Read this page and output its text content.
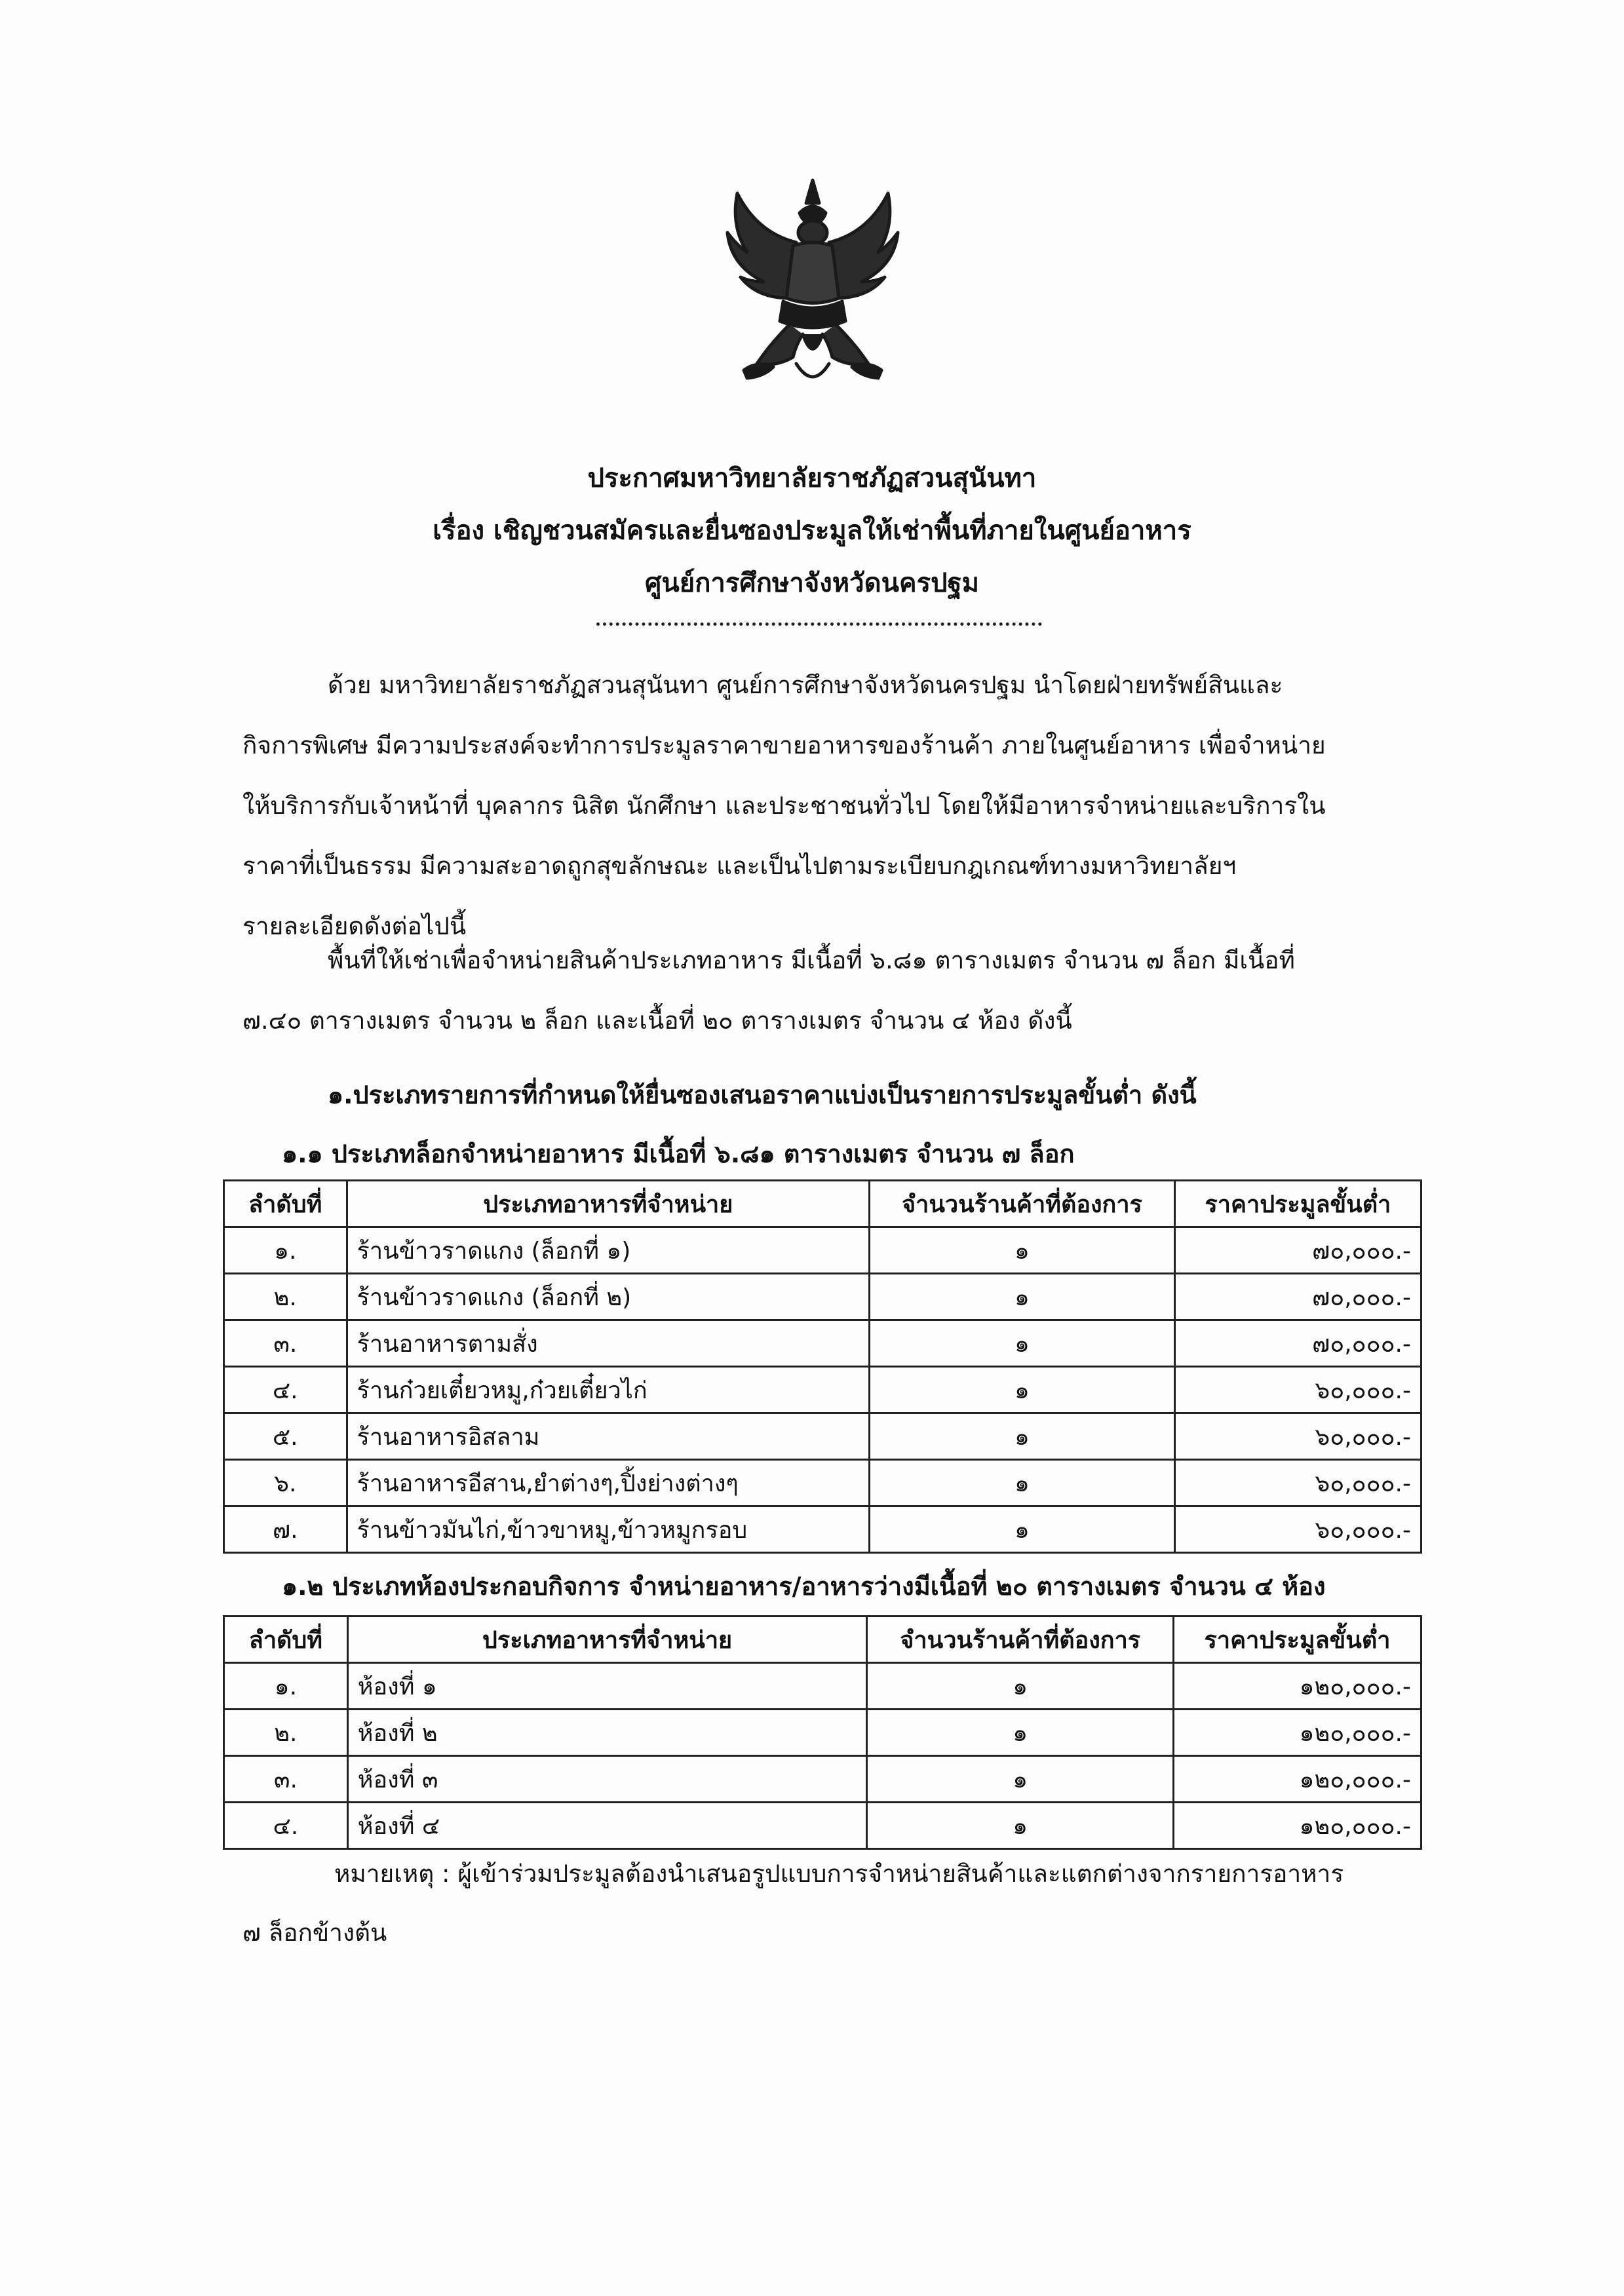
ประกาศมหาวิทยาลัยราชภัฏสวนสุนันทา
เรื่อง เชิญชวนสมัครและยื่นซองประมูลให้เช่าพื้นที่ภายในศูนย์อาหาร
ศูนย์การศึกษาจังหวัดนครปฐม
ด้วย มหาวิทยาลัยราชภัฏสวนสุนันทา ศูนย์การศึกษาจังหวัดนครปฐม นำโดยฝ่ายทรัพย์สินและ
กิจการพิเศษ มีความประสงค์จะทำการประมูลราคาขายอาหารของร้านค้า ภายในศูนย์อาหาร เพื่อจำหน่าย
ให้บริการกับเจ้าหน้าที่ บุคลากร นิสิต นักศึกษา และประชาชนทั่วไป โดยให้มีอาหารจำหน่ายและบริการใน
ราคาที่เป็นธรรม มีความสะอาดถูกสุขลักษณะ และเป็นไปตามระเบียบกฎเกณฑ์ทางมหาวิทยาลัยฯ
รายละเอียดดังต่อไปนี้
พื้นที่ให้เช่าเพื่อจำหน่ายสินค้าประเภทอาหาร มีเนื้อที่ ๖.๘๑ ตารางเมตร จำนวน ๗ ล็อก มีเนื้อที่
๗.๔๐ ตารางเมตร จำนวน ๒ ล็อก และเนื้อที่ ๒๐ ตารางเมตร จำนวน ๔ ห้อง ดังนี้
๑.ประเภทรายการที่กำหนดให้ยื่นซองเสนอราคาแบ่งเป็นรายการประมูลขั้นต่ำ ดังนี้
๑.๑ ประเภทล็อกจำหน่ายอาหาร มีเนื้อที่ ๖.๘๑ ตารางเมตร จำนวน ๗ ล็อก
ลำดับที่	ประเภทอาหารที่จำหน่าย	จำนวนร้านค้าที่ต้องการ	ราคาประมูลขั้นต่ำ
๑.	ร้านข้าวราดแกง (ล็อกที่ ๑)	๑	๗๐,๐๐๐.-
๒.	ร้านข้าวราดแกง (ล็อกที่ ๒)	๑	๗๐,๐๐๐.-
๓.	ร้านอาหารตามสั่ง	๑	๗๐,๐๐๐.-
๔.	ร้านก๋วยเตี๋ยวหมู,ก๋วยเตี๋ยวไก่	๑	๖๐,๐๐๐.-
๕.	ร้านอาหารอิสลาม	๑	๖๐,๐๐๐.-
๖.	ร้านอาหารอีสาน,ยำต่างๆ,ปิ้งย่างต่างๆ	๑	๖๐,๐๐๐.-
๗.	ร้านข้าวมันไก่,ข้าวขาหมู,ข้าวหมูกรอบ	๑	๖๐,๐๐๐.-
๑.๒ ประเภทห้องประกอบกิจการ จำหน่ายอาหาร/อาหารว่างมีเนื้อที่ ๒๐ ตารางเมตร จำนวน ๔ ห้อง
ลำดับที่	ประเภทอาหารที่จำหน่าย	จำนวนร้านค้าที่ต้องการ	ราคาประมูลขั้นต่ำ
๑.	ห้องที่ ๑	๑	๑๒๐,๐๐๐.-
๒.	ห้องที่ ๒	๑	๑๒๐,๐๐๐.-
๓.	ห้องที่ ๓	๑	๑๒๐,๐๐๐.-
๔.	ห้องที่ ๔	๑	๑๒๐,๐๐๐.-
หมายเหตุ : ผู้เข้าร่วมประมูลต้องนำเสนอรูปแบบการจำหน่ายสินค้าและแตกต่างจากรายการอาหาร
๗ ล็อกข้างต้น
